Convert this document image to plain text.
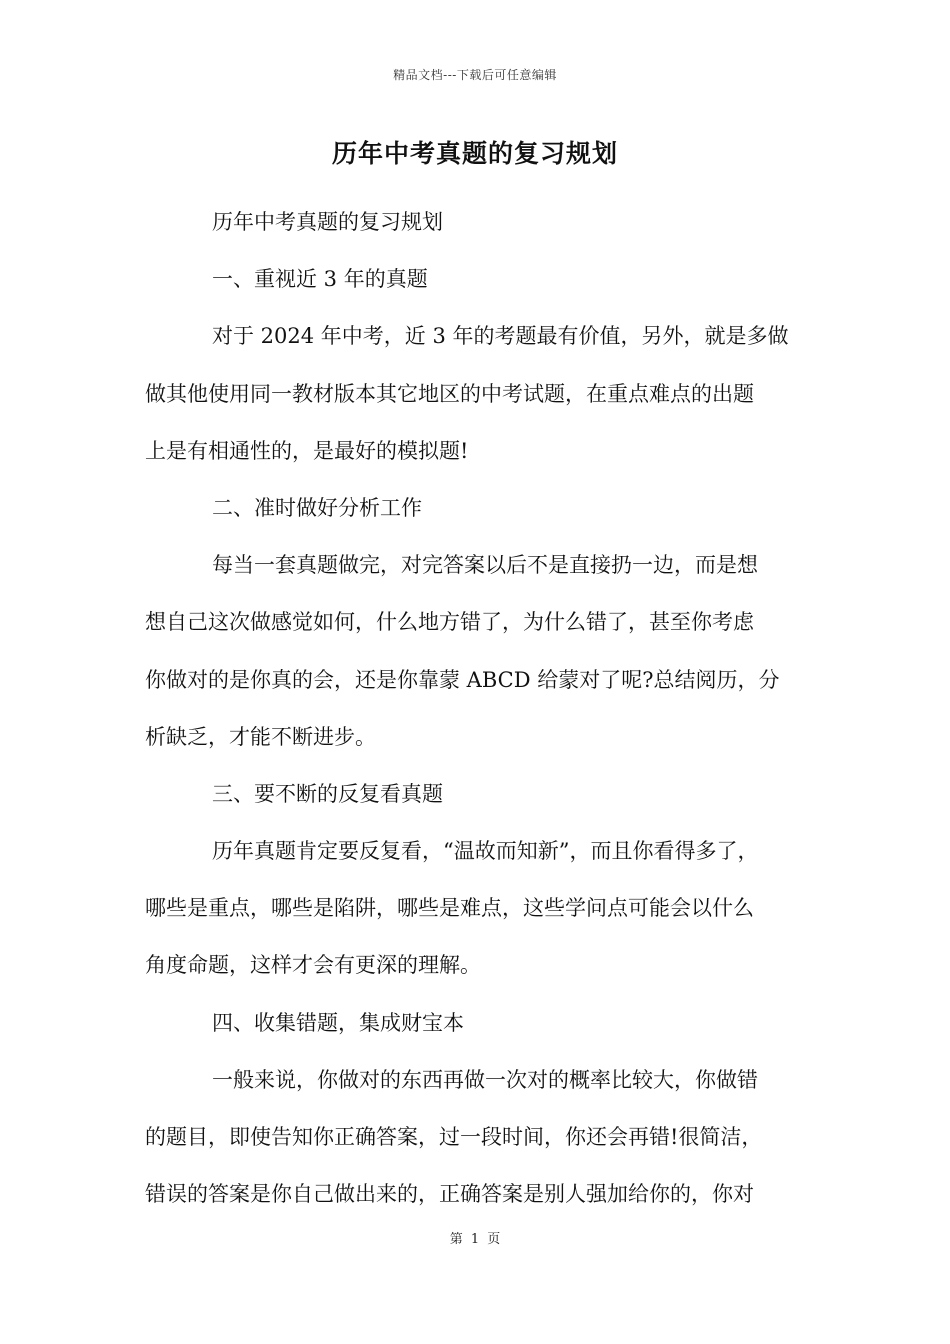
精品文档---下载后可任意编辑
历年中考真题的复习规划
历年中考真题的复习规划
一、重视近 3 年的真题
对于 2024 年中考，近 3 年的考题最有价值，另外，就是多做
做其他使用同一教材版本其它地区的中考试题，在重点难点的出题
上是有相通性的，是最好的模拟题!
二、准时做好分析工作
每当一套真题做完，对完答案以后不是直接扔一边，而是想
想自己这次做感觉如何，什么地方错了，为什么错了，甚至你考虑
你做对的是你真的会，还是你靠蒙 ABCD 给蒙对了呢?总结阅历，分
析缺乏，才能不断进步。
三、要不断的反复看真题
历年真题肯定要反复看，“温故而知新”，而且你看得多了，
哪些是重点，哪些是陷阱，哪些是难点，这些学问点可能会以什么
角度命题，这样才会有更深的理解。
四、收集错题，集成财宝本
一般来说，你做对的东西再做一次对的概率比较大，你做错
的题目，即使告知你正确答案，过一段时间，你还会再错!很简洁，
错误的答案是你自己做出来的，正确答案是别人强加给你的，你对
第 1 页
